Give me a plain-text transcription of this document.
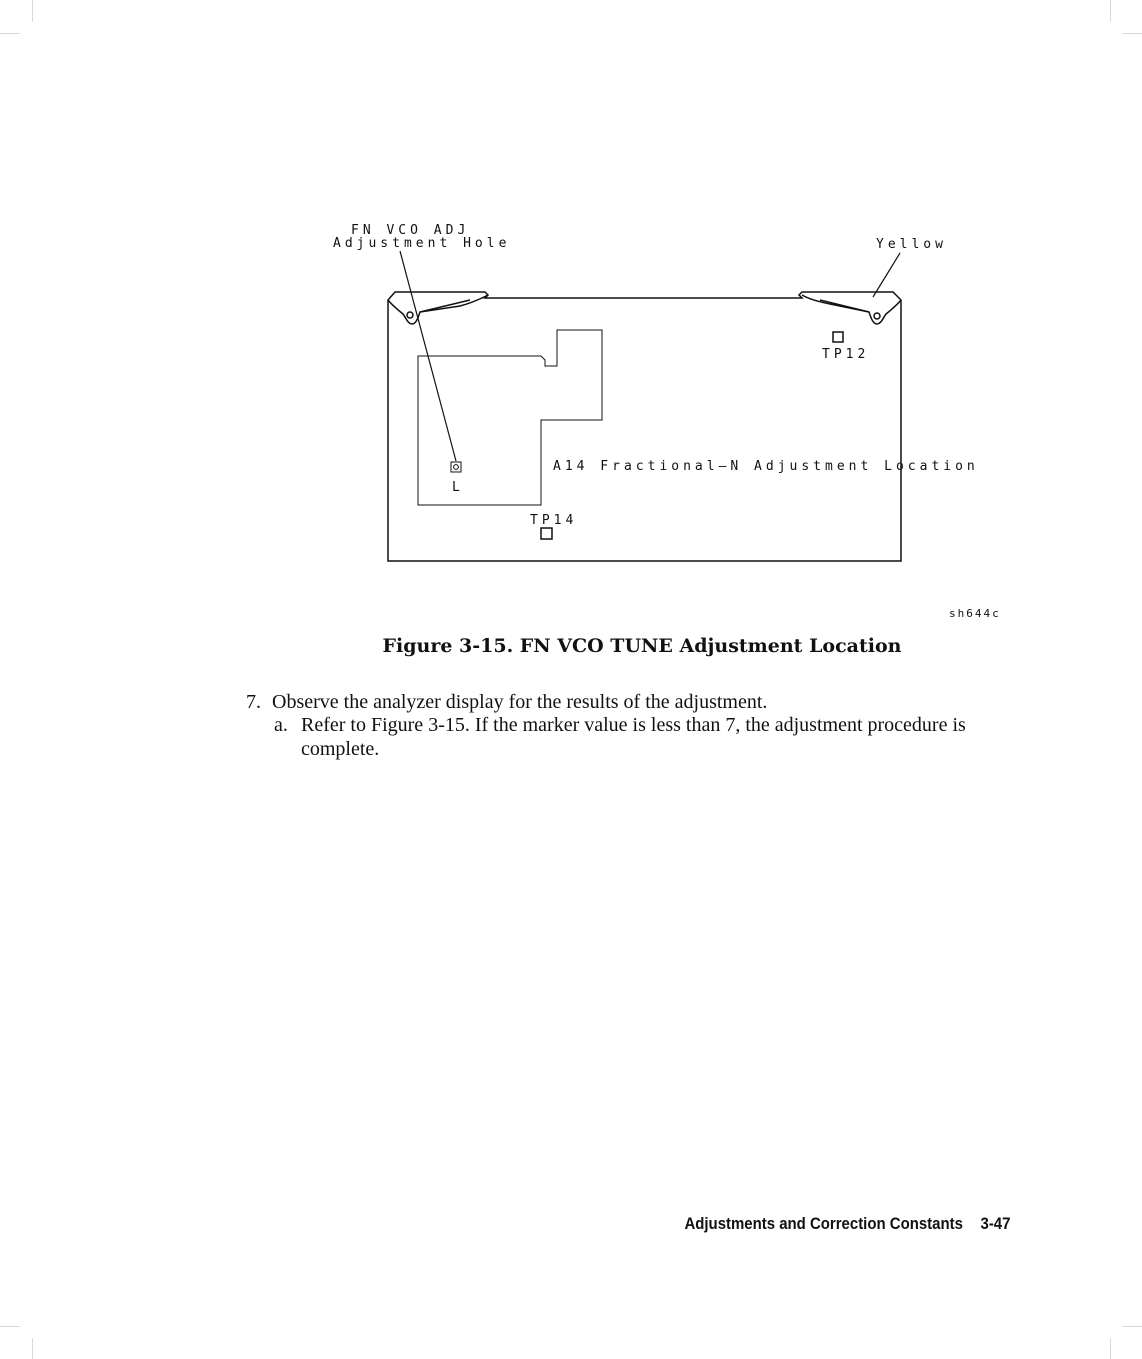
FN VCO ADJ
Adjustment Hole	Yellow
TP12
A14 Fractional—N Adjustment Location
L
TP14
sh644c
Figure 3-15. FN VCO TUNE Adjustment Location

7. Observe the analyzer display for the results of the adjustment.

a. Refer to Figure 3-15. If the marker value is less than 7, the adjustment procedure is complete.

Adjustments and Correction Constants 3-47
